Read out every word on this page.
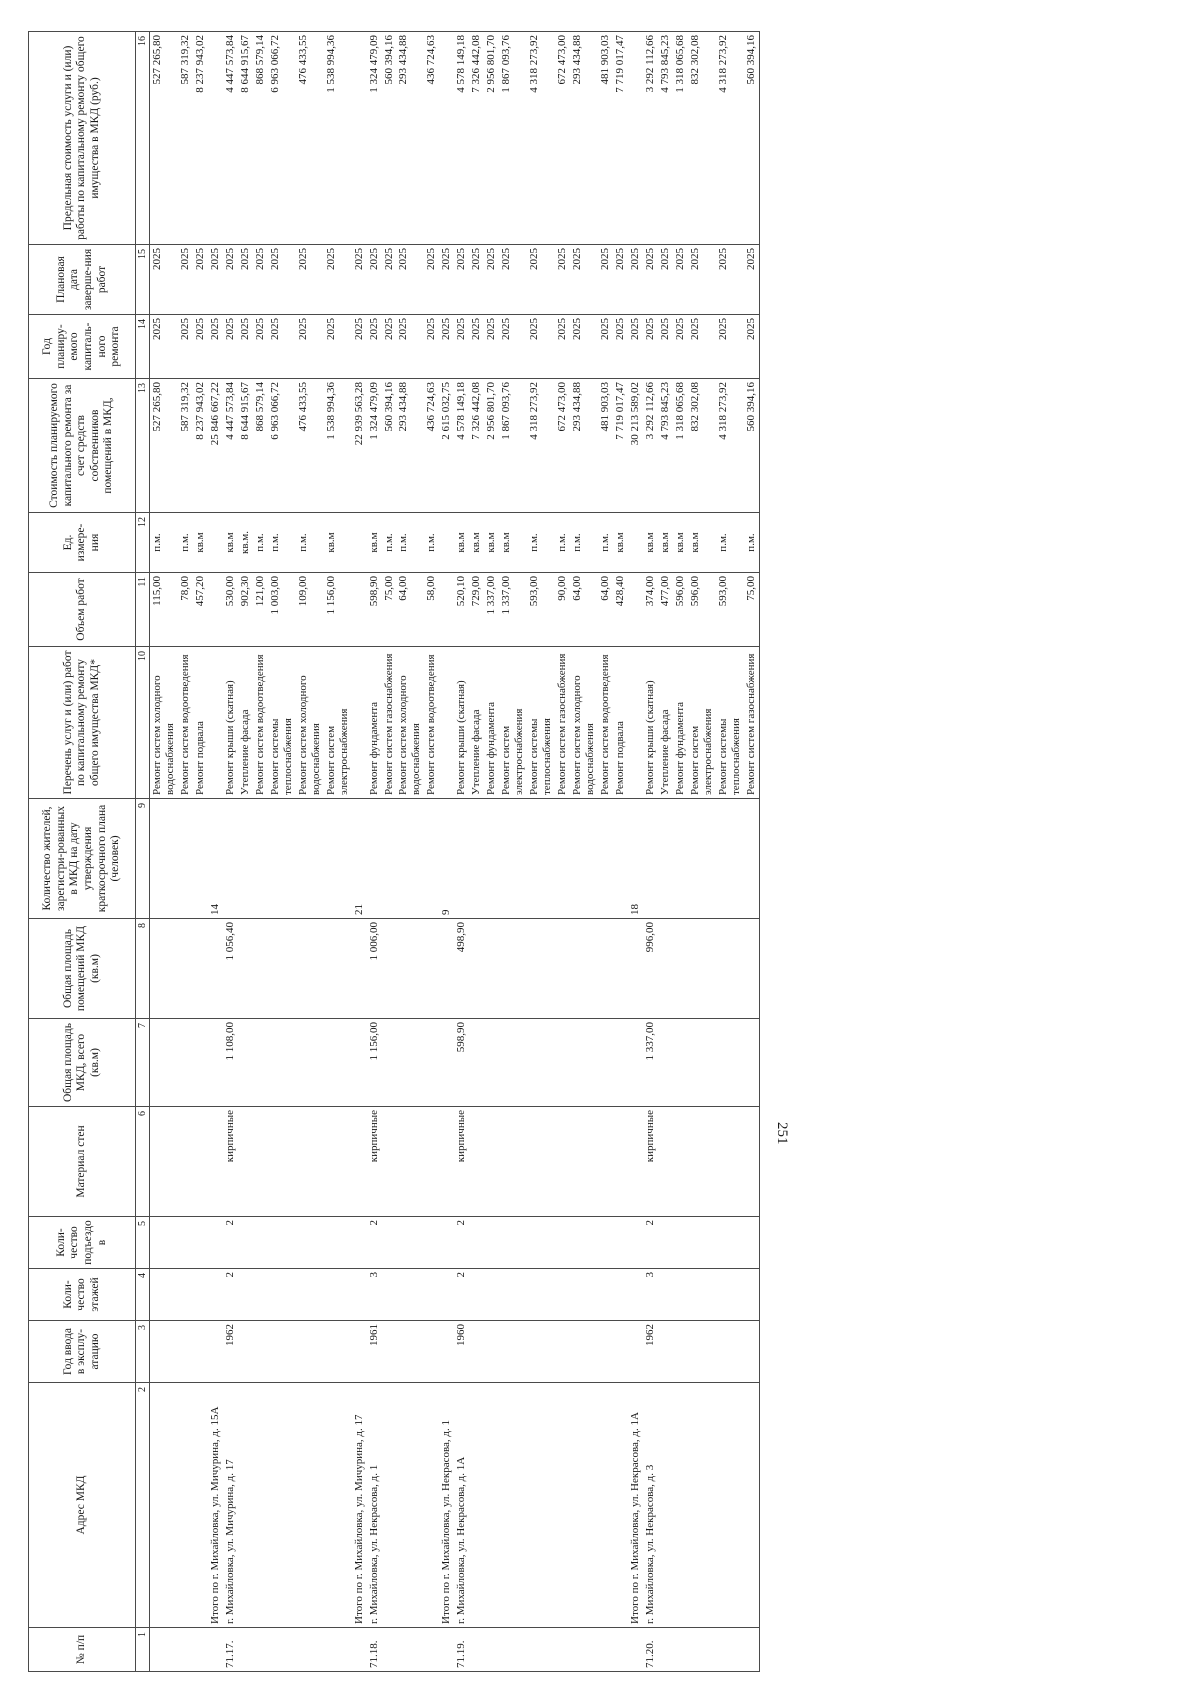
251
№ п/п	Адрес МКД	Год ввода в эксплу-атацию	Коли-чество этажей	Коли-чество подъездо в	Материал стен	Общая площадь МКД, всего (кв.м)	Общая площадь помещений МКД (кв.м)	Количество жителей, зарегистри-рованных в МКД на дату утверждения краткосрочного плана (человек)	Перечень услуг и (или) работ по капитальному ремонту общего имущества МКД*	Объем работ	Ед. измере-ния	Стоимость планируемого капитального ремонта за счет средств собственников помещений в МКД,	Год планиру-емого капиталь-ного ремонта	Плановая дата заверше-ния работ	Предельная стоимость услуги и (или) работы по капитальному ремонту общего имущества в МКД (руб.)
1	2	3	4	5	6	7	8	9	10	11	12	13	14	15	16
									Ремонт систем холодного водоснабжения	115,00	п.м.	527 265,80	2025	2025	527 265,80
									Ремонт систем водоотведения	78,00	п.м.	587 319,32	2025	2025	587 319,32
									Ремонт подвала	457,20	кв.м	8 237 943,02	2025	2025	8 237 943,02
	Итого по г. Михайловка, ул. Мичурина, д. 15А							14				25 846 667,22	2025	2025	
71.17.	г. Михайловка, ул. Мичурина, д. 17	1962	2	2	кирпичные	1 108,00	1 056,40		Ремонт крыши (скатная)	530,00	кв.м	4 447 573,84	2025	2025	4 447 573,84
									Утепление фасада	902,30	кв.м.	8 644 915,67	2025	2025	8 644 915,67
									Ремонт систем водоотведения	121,00	п.м.	868 579,14	2025	2025	868 579,14
									Ремонт системы теплоснабжения	1 003,00	п.м.	6 963 066,72	2025	2025	6 963 066,72
									Ремонт систем холодного водоснабжения	109,00	п.м.	476 433,55	2025	2025	476 433,55
									Ремонт систем электроснабжения	1 156,00	кв.м	1 538 994,36	2025	2025	1 538 994,36
	Итого по г. Михайловка, ул. Мичурина, д. 17							21				22 939 563,28	2025	2025	
71.18.	г. Михайловка, ул. Некрасова, д. 1	1961	3	2	кирпичные	1 156,00	1 006,00		Ремонт фундамента	598,90	кв.м	1 324 479,09	2025	2025	1 324 479,09
									Ремонт систем газоснабжения	75,00	п.м.	560 394,16	2025	2025	560 394,16
									Ремонт систем холодного водоснабжения	64,00	п.м.	293 434,88	2025	2025	293 434,88
									Ремонт систем водоотведения	58,00	п.м.	436 724,63	2025	2025	436 724,63
	Итого по г. Михайловка, ул. Некрасова, д. 1							9				2 615 032,75	2025	2025	
71.19.	г. Михайловка, ул. Некрасова, д. 1А	1960	2	2	кирпичные	598,90	498,90		Ремонт крыши (скатная)	520,10	кв.м	4 578 149,18	2025	2025	4 578 149,18
									Утепление фасада	729,00	кв.м	7 326 442,08	2025	2025	7 326 442,08
									Ремонт фундамента	1 337,00	кв.м	2 956 801,70	2025	2025	2 956 801,70
									Ремонт систем электроснабжения	1 337,00	кв.м	1 867 093,76	2025	2025	1 867 093,76
									Ремонт системы теплоснабжения	593,00	п.м.	4 318 273,92	2025	2025	4 318 273,92
									Ремонт систем газоснабжения	90,00	п.м.	672 473,00	2025	2025	672 473,00
									Ремонт систем холодного водоснабжения	64,00	п.м.	293 434,88	2025	2025	293 434,88
									Ремонт систем водоотведения	64,00	п.м.	481 903,03	2025	2025	481 903,03
									Ремонт подвала	428,40	кв.м	7 719 017,47	2025	2025	7 719 017,47
	Итого по г. Михайловка, ул. Некрасова, д. 1А							18				30 213 589,02	2025	2025	
71.20.	г. Михайловка, ул. Некрасова, д. 3	1962	3	2	кирпичные	1 337,00	996,00		Ремонт крыши (скатная)	374,00	кв.м	3 292 112,66	2025	2025	3 292 112,66
									Утепление фасада	477,00	кв.м	4 793 845,23	2025	2025	4 793 845,23
									Ремонт фундамента	596,00	кв.м	1 318 065,68	2025	2025	1 318 065,68
									Ремонт систем электроснабжения	596,00	кв.м	832 302,08	2025	2025	832 302,08
									Ремонт системы теплоснабжения	593,00	п.м.	4 318 273,92	2025	2025	4 318 273,92
									Ремонт систем газоснабжения	75,00	п.м.	560 394,16	2025	2025	560 394,16
